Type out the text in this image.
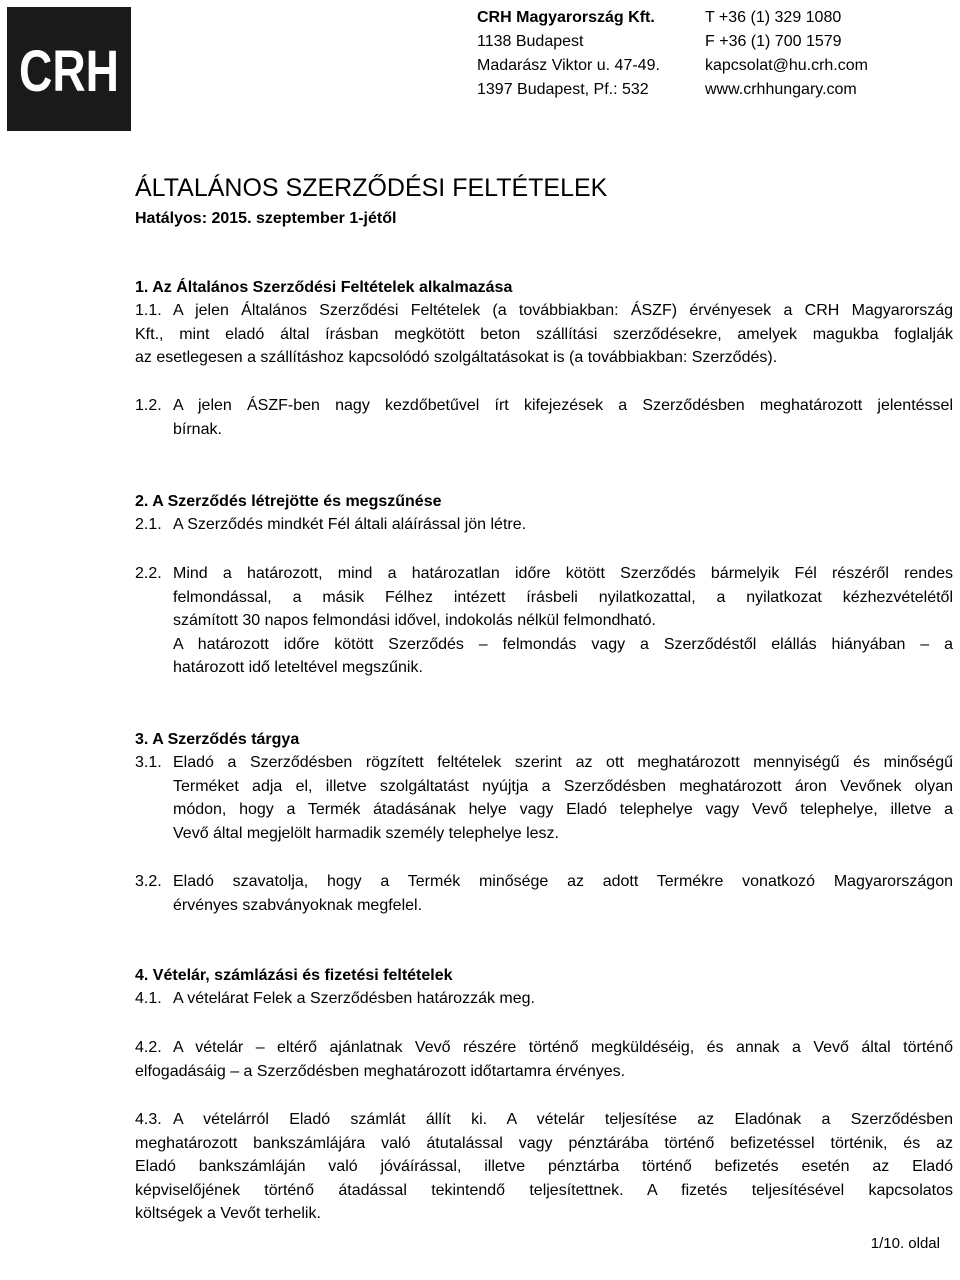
CRH
CRH Magyarország Kft.
1138 Budapest
Madarász Viktor u. 47-49.
1397 Budapest, Pf.: 532
T +36 (1) 329 1080
F +36 (1) 700 1579
kapcsolat@hu.crh.com
www.crhhungary.com
ÁLTALÁNOS SZERZŐDÉSI FELTÉTELEK
Hatályos: 2015. szeptember 1-jétől
1. Az Általános Szerződési Feltételek alkalmazása
1.1. A jelen Általános Szerződési Feltételek (a továbbiakban: ÁSZF) érvényesek a CRH Magyarország
Kft., mint eladó által írásban megkötött beton szállítási szerződésekre, amelyek magukba foglalják
az esetlegesen a szállításhoz kapcsolódó szolgáltatásokat is (a továbbiakban: Szerződés).
1.2. A jelen ÁSZF-ben nagy kezdőbetűvel írt kifejezések a Szerződésben meghatározott jelentéssel
bírnak.
2. A Szerződés létrejötte és megszűnése
2.1. A Szerződés mindkét Fél általi aláírással jön létre.
2.2. Mind a határozott, mind a határozatlan időre kötött Szerződés bármelyik Fél részéről rendes
felmondással, a másik Félhez intézett írásbeli nyilatkozattal, a nyilatkozat kézhezvételétől
számított 30 napos felmondási idővel, indokolás nélkül felmondható.
A határozott időre kötött Szerződés – felmondás vagy a Szerződéstől elállás hiányában – a
határozott idő leteltével megszűnik.
3. A Szerződés tárgya
3.1. Eladó a Szerződésben rögzített feltételek szerint az ott meghatározott mennyiségű és minőségű
Terméket adja el, illetve szolgáltatást nyújtja a Szerződésben meghatározott áron Vevőnek olyan
módon, hogy a Termék átadásának helye vagy Eladó telephelye vagy Vevő telephelye, illetve a
Vevő által megjelölt harmadik személy telephelye lesz.
3.2. Eladó szavatolja, hogy a Termék minősége az adott Termékre vonatkozó Magyarországon
érvényes szabványoknak megfelel.
4. Vételár, számlázási és fizetési feltételek
4.1. A vételárat Felek a Szerződésben határozzák meg.
4.2. A vételár – eltérő ajánlatnak Vevő részére történő megküldéséig, és annak a Vevő által történő
elfogadásáig – a Szerződésben meghatározott időtartamra érvényes.
4.3. A vételárról Eladó számlát állít ki. A vételár teljesítése az Eladónak a Szerződésben
meghatározott bankszámlájára való átutalással vagy pénztárába történő befizetéssel történik, és az
Eladó bankszámláján való jóváírással, illetve pénztárba történő befizetés esetén az Eladó
képviselőjének történő átadással tekintendő teljesítettnek. A fizetés teljesítésével kapcsolatos
költségek a Vevőt terhelik.
1/10. oldal
